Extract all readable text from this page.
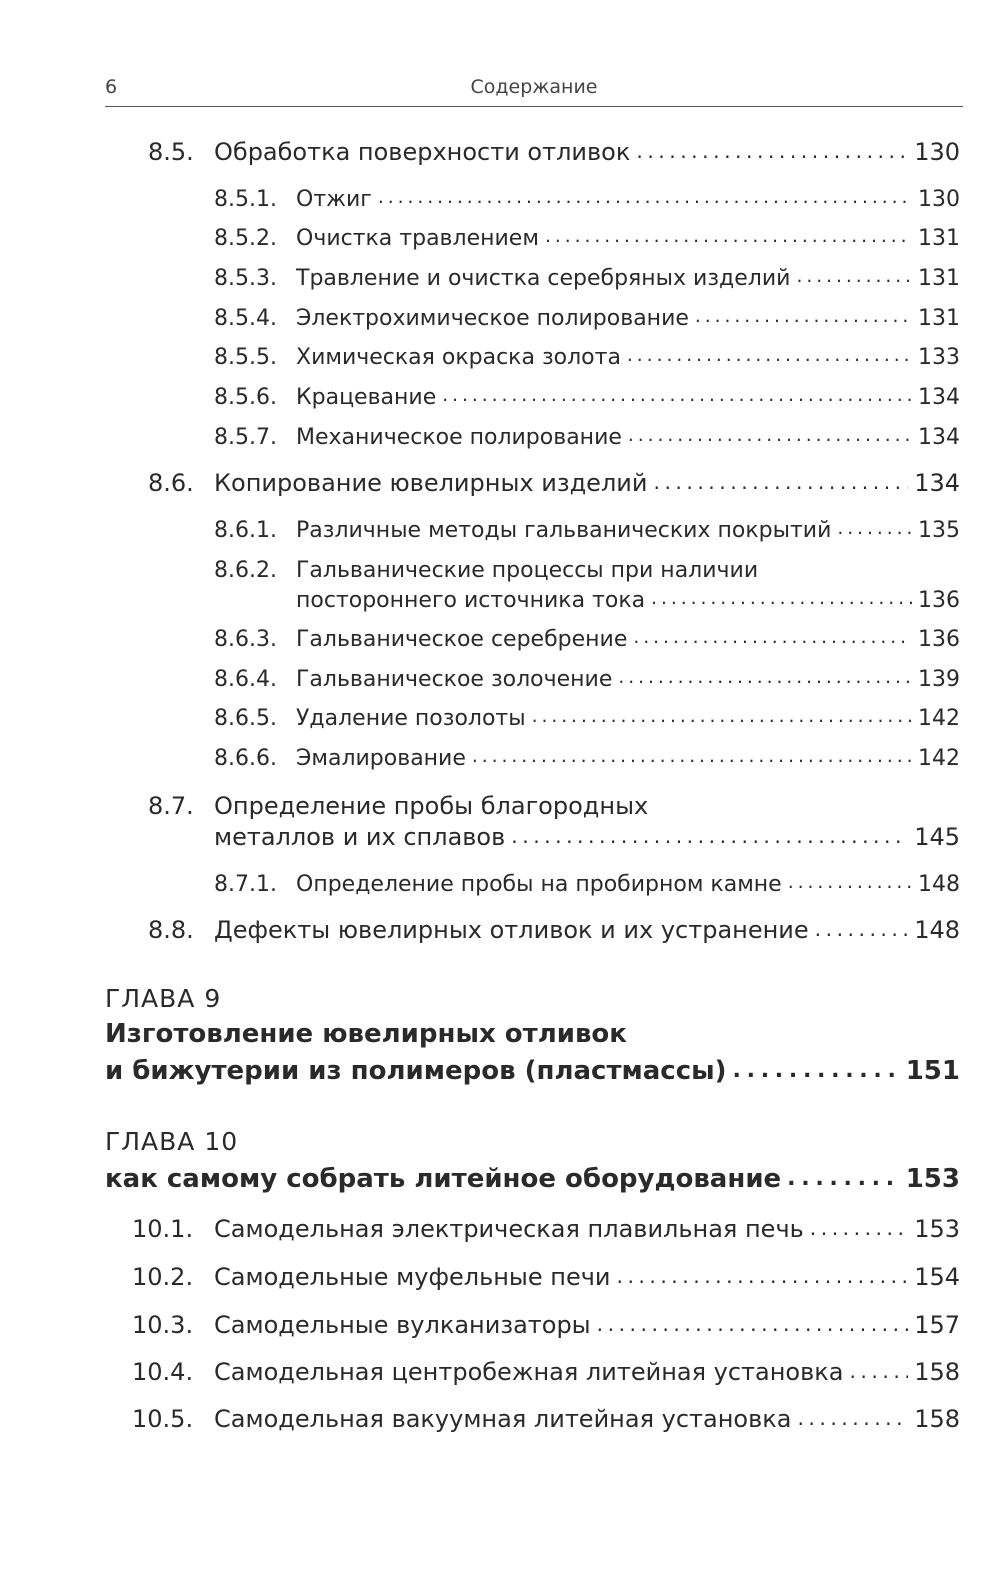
6	Содержание
8.5. Обработка поверхности отливок . . .	130
8.5.1. Отжиг . . .	130
8.5.2. Очистка травлением . . .	131
8.5.3. Травление и очистка серебряных изделий . . .	131
8.5.4. Электрохимическое полирование . . .	131
8.5.5. Химическая окраска золота . . .	133
8.5.6. Крацевание . . .	134
8.5.7. Механическое полирование . . .	134
8.6. Копирование ювелирных изделий . . .	134
8.6.1. Различные методы гальванических покрытий . . .	135
8.6.2. Гальванические процессы при наличии
постороннего источника тока . . .	136
8.6.3. Гальваническое серебрение . . .	136
8.6.4. Гальваническое золочение . . .	139
8.6.5. Удаление позолоты . . .	142
8.6.6. Эмалирование . . .	142
8.7. Определение пробы благородных
металлов и их сплавов . . .	145
8.7.1. Определение пробы на пробирном камне . . .	148
8.8. Дефекты ювелирных отливок и их устранение . . .	148
ГЛАВА 9
Изготовление ювелирных отливок
и бижутерии из полимеров (пластмассы) . . .	151
ГЛАВА 10
как самому собрать литейное оборудование . . .	153
10.1. Самодельная электрическая плавильная печь . . .	153
10.2. Самодельные муфельные печи . . .	154
10.3. Самодельные вулканизаторы . . .	157
10.4. Самодельная центробежная литейная установка . . .	158
10.5. Самодельная вакуумная литейная установка . . .	158
